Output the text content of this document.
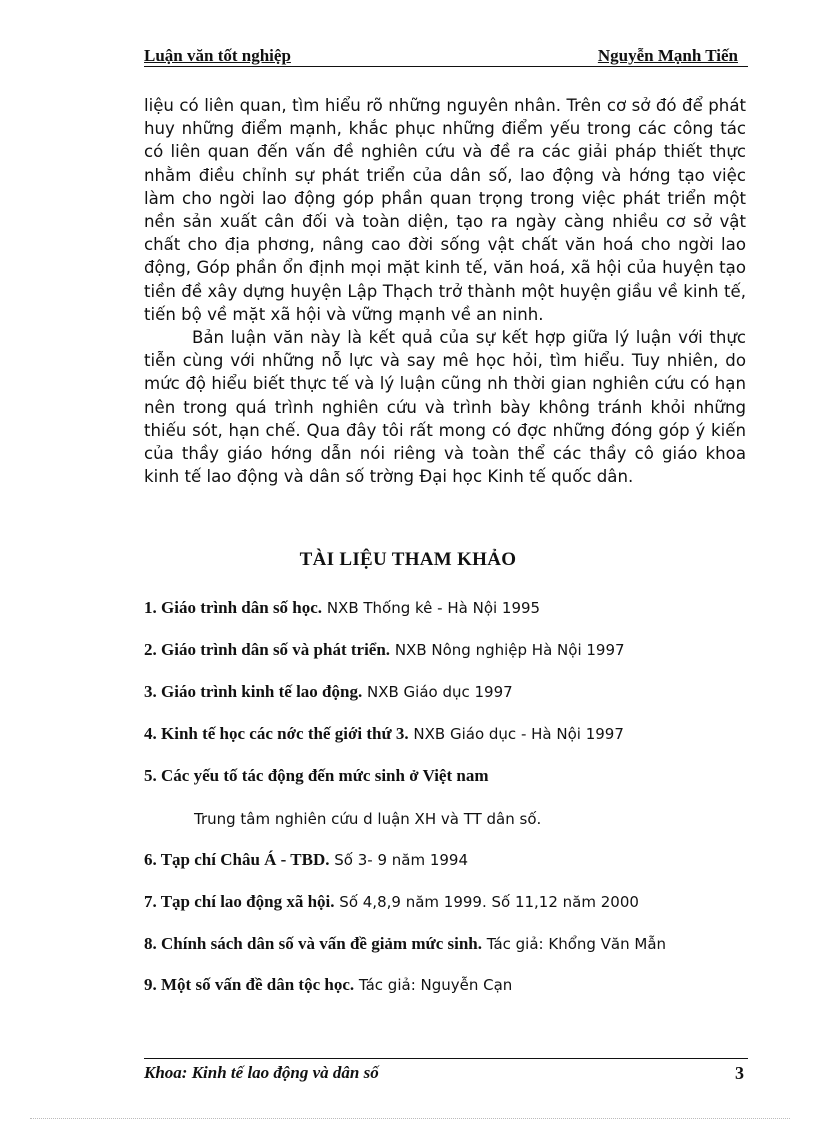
Luận văn tốt nghiệp	Nguyễn Mạnh Tiến

liệu có liên quan, tìm hiểu rõ những nguyên nhân. Trên cơ sở đó để phát huy những điểm mạnh, khắc phục những điểm yếu trong các công tác có liên quan đến vấn đề nghiên cứu và đề ra các giải pháp thiết thực nhằm điều chỉnh sự phát triển của dân số, lao động và hớng tạo việc làm cho ngời lao động góp phần quan trọng trong việc phát triển một nền sản xuất cân đối và toàn diện, tạo ra ngày càng nhiều cơ sở vật chất cho địa phơng, nâng cao đời sống vật chất văn hoá cho ngời lao động, Góp phần ổn định mọi mặt kinh tế, văn hoá, xã hội của huyện tạo tiền đề xây dựng huyện Lập Thạch trở thành một huyện giầu về kinh tế, tiến bộ về mặt xã hội và vững mạnh về an ninh.

Bản luận văn này là kết quả của sự kết hợp giữa lý luận với thực tiễn cùng với những nỗ lực và say mê học hỏi, tìm hiểu. Tuy nhiên, do mức độ hiểu biết thực tế và lý luận cũng nh thời gian nghiên cứu có hạn nên trong quá trình nghiên cứu và trình bày không tránh khỏi những thiếu sót, hạn chế. Qua đây tôi rất mong có đợc những đóng góp ý kiến của thầy giáo hớng dẫn nói riêng và toàn thể các thầy cô giáo khoa kinh tế lao động và dân số trờng Đại học Kinh tế quốc dân.

TÀI LIỆU THAM KHẢO
1. Giáo trình dân số học. NXB Thống kê - Hà Nội 1995
2. Giáo trình dân số và phát triển. NXB Nông nghiệp Hà Nội 1997
3. Giáo trình kinh tế lao động. NXB Giáo dục 1997
4. Kinh tế học các nớc thế giới thứ 3. NXB Giáo dục - Hà Nội 1997
5. Các yếu tố tác động đến mức sinh ở Việt nam
Trung tâm nghiên cứu d luận XH và TT dân số.
6. Tạp chí Châu Á - TBD. Số 3- 9 năm 1994
7. Tạp chí lao động xã hội. Số 4,8,9 năm 1999. Số 11,12 năm 2000
8. Chính sách dân số và vấn đề giảm mức sinh. Tác giả: Khổng Văn Mẫn
9. Một số vấn đề dân tộc học. Tác giả: Nguyễn Cạn
Khoa: Kinh tế lao động và dân số	3
